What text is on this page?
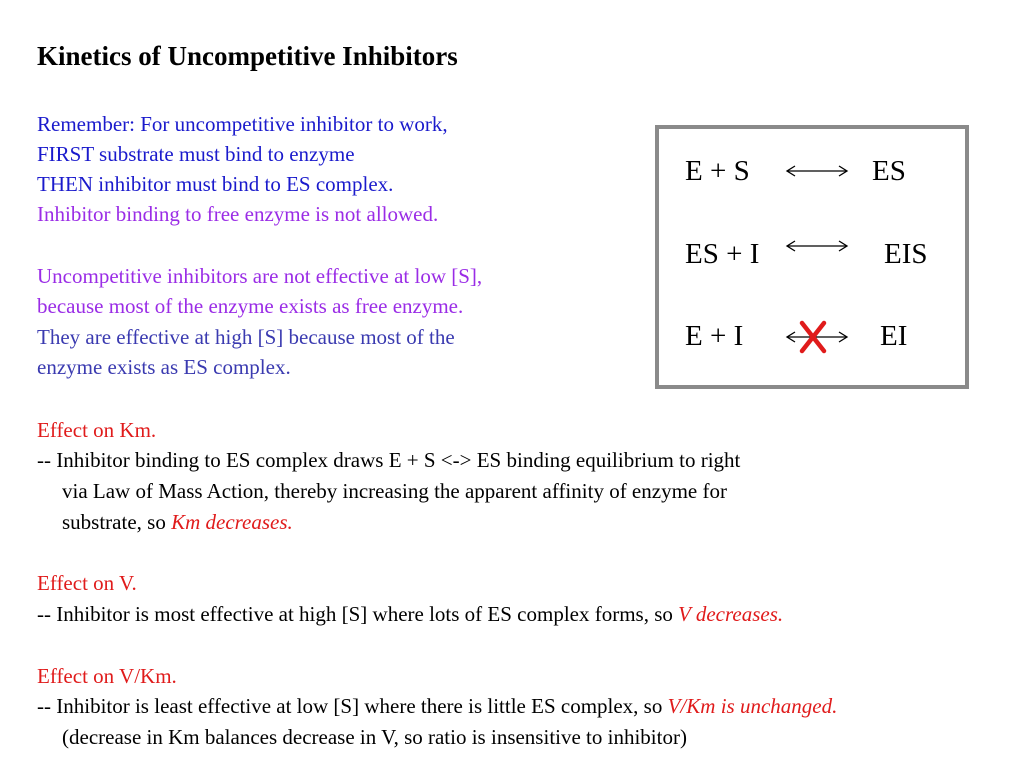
Kinetics of Uncompetitive Inhibitors
Remember: For uncompetitive inhibitor to work,
FIRST substrate must bind to enzyme
THEN inhibitor must bind to ES complex.
Inhibitor binding to free enzyme is not allowed.
Uncompetitive inhibitors are not effective at low [S],
because most of the enzyme exists as free enzyme.
They are effective at high [S] because most of the
enzyme exists as ES complex.
Effect on Km.
-- Inhibitor binding to ES complex draws E + S <-> ES binding equilibrium to right
via Law of Mass Action, thereby increasing the apparent affinity of enzyme for
substrate, so Km decreases.
Effect on V.
-- Inhibitor is most effective at high [S] where lots of ES complex forms, so V decreases.
Effect on V/Km.
-- Inhibitor is least effective at low [S] where there is little ES complex, so V/Km is unchanged.
(decrease in Km balances decrease in V, so ratio is insensitive to inhibitor)
E + S	ES
ES + I	EIS
E + I	EI
